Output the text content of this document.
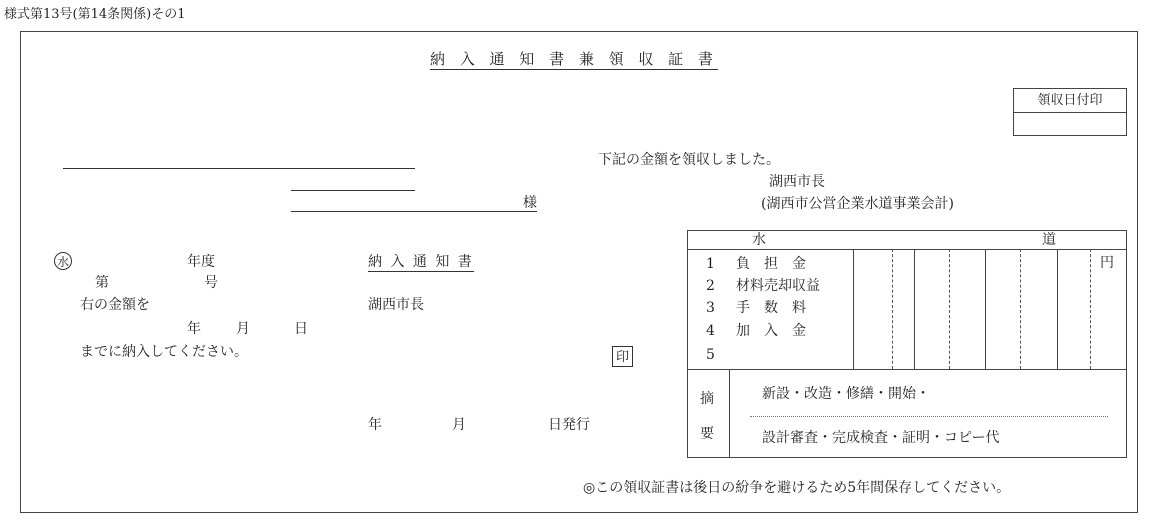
様式第13号(第14条関係)その1
納 入 通 知 書 兼 領 収 証 書
領収日付印
様
下記の金額を領収しました。
湖西市長
(湖西市公営企業水道事業会計)
水	年度
第	号
右の金額を
年	月	日
までに納入してください。
納 入 通 知 書
湖西市長
印
年	月	日発行
水	道
円
1 負　担　金
2 材料売却収益
3 手　数　料
4 加　入　金
5
摘
要
新設・改造・修繕・開始・
設計審査・完成検査・証明・コピー代
◎この領収証書は後日の紛争を避けるため5年間保存してください。
